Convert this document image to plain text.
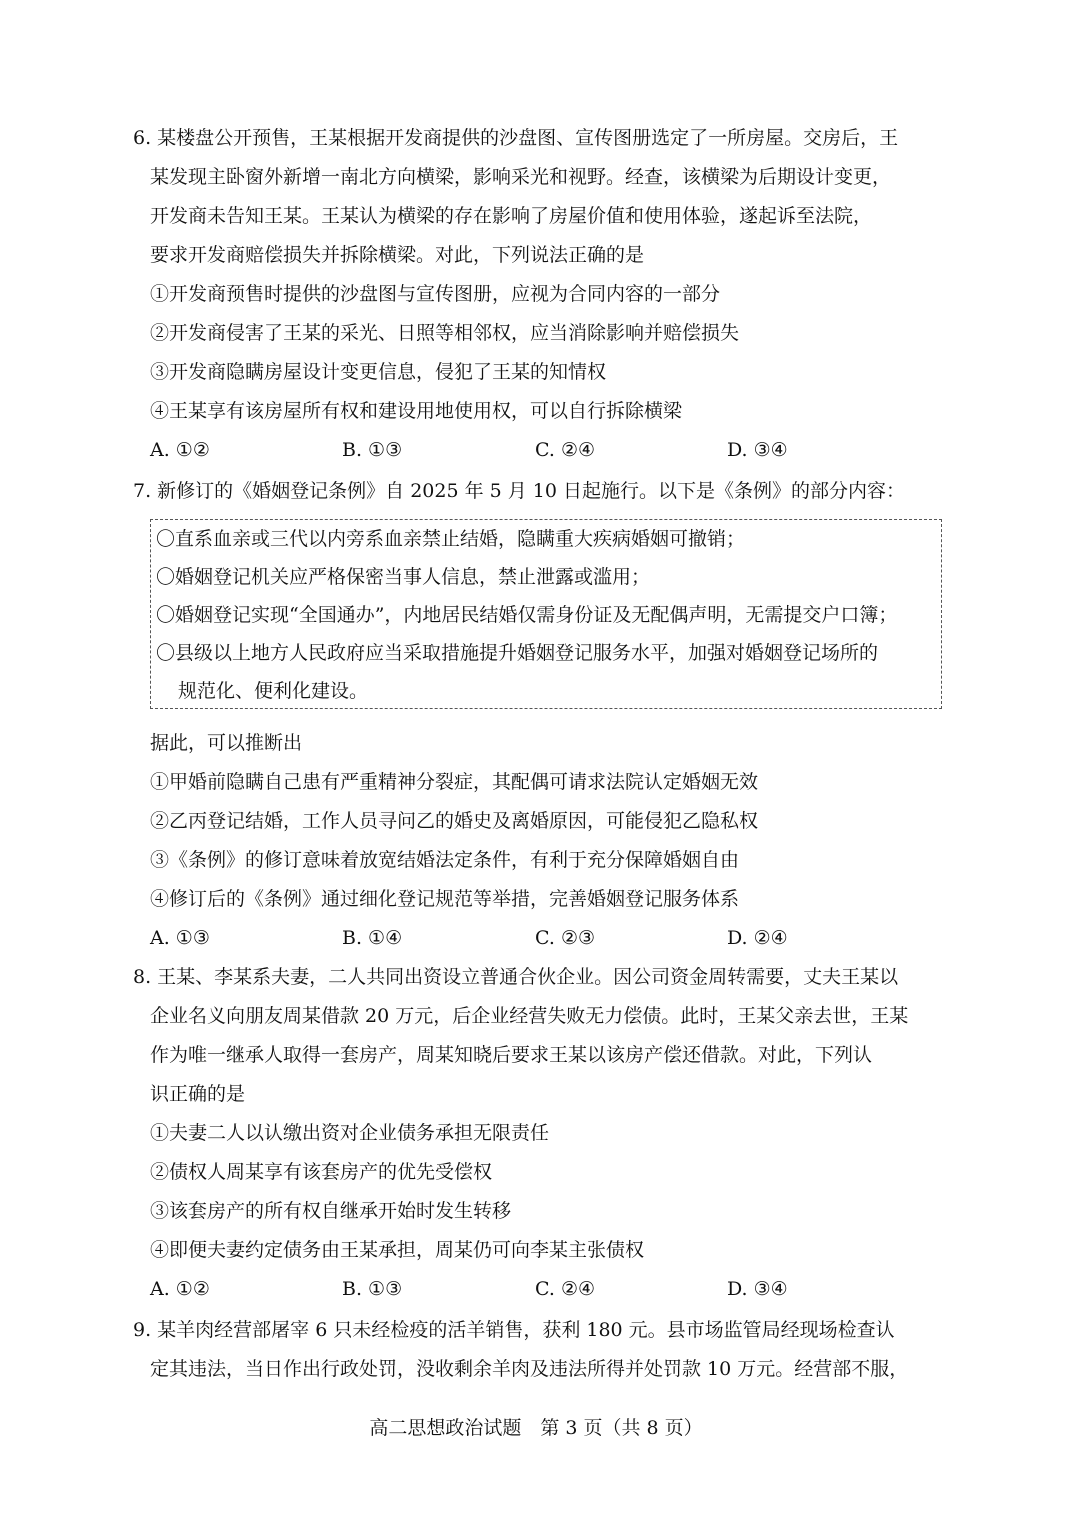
6. 某楼盘公开预售，王某根据开发商提供的沙盘图、宣传图册选定了一所房屋。交房后，王
某发现主卧窗外新增一南北方向横梁，影响采光和视野。经查，该横梁为后期设计变更，
开发商未告知王某。王某认为横梁的存在影响了房屋价值和使用体验，遂起诉至法院，
要求开发商赔偿损失并拆除横梁。对此，下列说法正确的是
①开发商预售时提供的沙盘图与宣传图册，应视为合同内容的一部分
②开发商侵害了王某的采光、日照等相邻权，应当消除影响并赔偿损失
③开发商隐瞒房屋设计变更信息，侵犯了王某的知情权
④王某享有该房屋所有权和建设用地使用权，可以自行拆除横梁
A. ①②	B. ①③	C. ②④	D. ③④
7. 新修订的《婚姻登记条例》自 2025 年 5 月 10 日起施行。以下是《条例》的部分内容：
〇直系血亲或三代以内旁系血亲禁止结婚，隐瞒重大疾病婚姻可撤销；
〇婚姻登记机关应严格保密当事人信息，禁止泄露或滥用；
〇婚姻登记实现“全国通办”，内地居民结婚仅需身份证及无配偶声明，无需提交户口簿；
〇县级以上地方人民政府应当采取措施提升婚姻登记服务水平，加强对婚姻登记场所的
规范化、便利化建设。
据此，可以推断出
①甲婚前隐瞒自己患有严重精神分裂症，其配偶可请求法院认定婚姻无效
②乙丙登记结婚，工作人员寻问乙的婚史及离婚原因，可能侵犯乙隐私权
③《条例》的修订意味着放宽结婚法定条件，有利于充分保障婚姻自由
④修订后的《条例》通过细化登记规范等举措，完善婚姻登记服务体系
A. ①③	B. ①④	C. ②③	D. ②④
8. 王某、李某系夫妻，二人共同出资设立普通合伙企业。因公司资金周转需要，丈夫王某以
企业名义向朋友周某借款 20 万元，后企业经营失败无力偿债。此时，王某父亲去世，王某
作为唯一继承人取得一套房产，周某知晓后要求王某以该房产偿还借款。对此，下列认
识正确的是
①夫妻二人以认缴出资对企业债务承担无限责任
②债权人周某享有该套房产的优先受偿权
③该套房产的所有权自继承开始时发生转移
④即便夫妻约定债务由王某承担，周某仍可向李某主张债权
A. ①②	B. ①③	C. ②④	D. ③④
9. 某羊肉经营部屠宰 6 只未经检疫的活羊销售，获利 180 元。县市场监管局经现场检查认
定其违法，当日作出行政处罚，没收剩余羊肉及违法所得并处罚款 10 万元。经营部不服，
高二思想政治试题　第 3 页（共 8 页）
